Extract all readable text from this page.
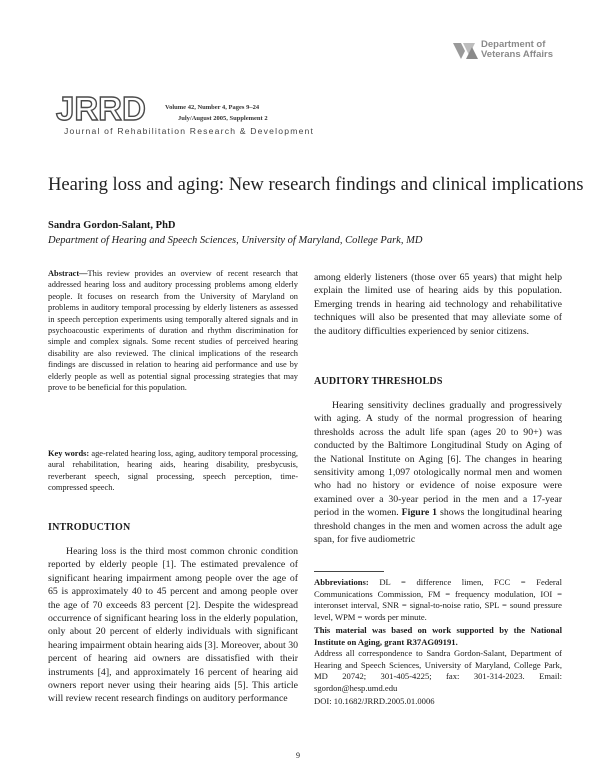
Department of
Veterans Affairs
JRRD	Volume 42, Number 4, Pages 9–24
July/August 2005, Supplement 2
Journal of Rehabilitation Research & Development
Hearing loss and aging: New research findings and clinical implications
Sandra Gordon-Salant, PhD
Department of Hearing and Speech Sciences, University of Maryland, College Park, MD
Abstract—This review provides an overview of recent research that addressed hearing loss and auditory processing problems among elderly people. It focuses on research from the University of Maryland on problems in auditory temporal processing by elderly listeners as assessed in speech perception experiments using temporally altered signals and in psychoacoustic experiments of duration and rhythm discrimination for simple and complex signals. Some recent studies of perceived hearing disability are also reviewed. The clinical implications of the research findings are discussed in relation to hearing aid performance and use by elderly people as well as potential signal processing strategies that may prove to be beneficial for this population.
Key words: age-related hearing loss, aging, auditory temporal processing, aural rehabilitation, hearing aids, hearing disability, presbycusis, reverberant speech, signal processing, speech perception, time-compressed speech.
INTRODUCTION
Hearing loss is the third most common chronic condition reported by elderly people [1]. The estimated prevalence of significant hearing impairment among people over the age of 65 is approximately 40 to 45 percent and among people over the age of 70 exceeds 83 percent [2]. Despite the widespread occurrence of significant hearing loss in the elderly population, only about 20 percent of elderly individuals with significant hearing impairment obtain hearing aids [3]. Moreover, about 30 percent of hearing aid owners are dissatisfied with their instruments [4], and approximately 16 percent of hearing aid owners report never using their hearing aids [5]. This article will review recent research findings on auditory performance
among elderly listeners (those over 65 years) that might help explain the limited use of hearing aids by this population. Emerging trends in hearing aid technology and rehabilitative techniques will also be presented that may alleviate some of the auditory difficulties experienced by senior citizens.
AUDITORY THRESHOLDS
Hearing sensitivity declines gradually and progressively with aging. A study of the normal progression of hearing thresholds across the adult life span (ages 20 to 90+) was conducted by the Baltimore Longitudinal Study on Aging of the National Institute on Aging [6]. The changes in hearing sensitivity among 1,097 otologically normal men and women who had no history or evidence of noise exposure were examined over a 30-year period in the men and a 17-year period in the women. Figure 1 shows the longitudinal hearing threshold changes in the men and women across the adult age span, for five audiometric
Abbreviations: DL = difference limen, FCC = Federal Communications Commission, FM = frequency modulation, IOI = interonset interval, SNR = signal-to-noise ratio, SPL = sound pressure level, WPM = words per minute.
This material was based on work supported by the National Institute on Aging, grant R37AG09191.
Address all correspondence to Sandra Gordon-Salant, Department of Hearing and Speech Sciences, University of Maryland, College Park, MD 20742; 301-405-4225; fax: 301-314-2023. Email: sgordon@hesp.umd.edu
DOI: 10.1682/JRRD.2005.01.0006
9
